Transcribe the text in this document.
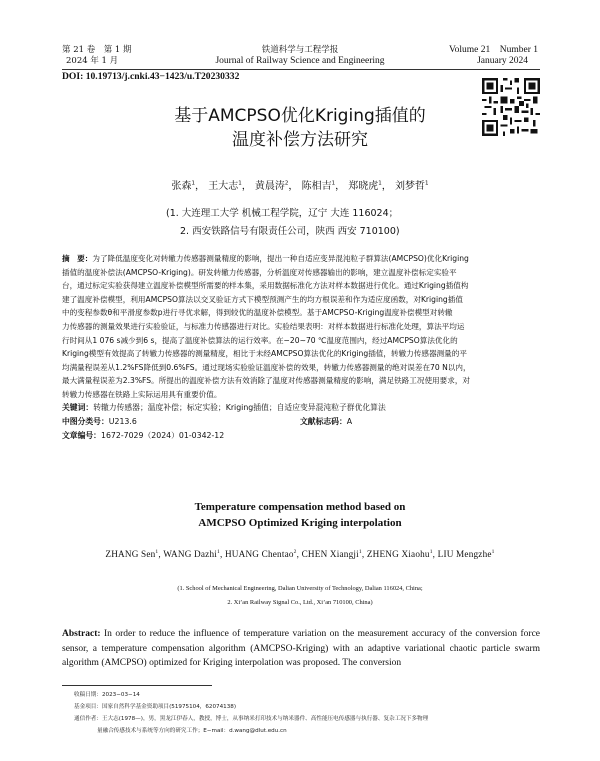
第 21 卷　第 1 期
2024 年 1 月
铁道科学与工程学报
Journal of Railway Science and Engineering
Volume 21　Number 1
January 2024
DOI: 10.19713/j.cnki.43−1423/u.T20230332
基于AMCPSO优化Kriging插值的
温度补偿方法研究
张森$^1$， 王大志$^1$， 黄晨涛$^2$， 陈相吉$^1$， 郑晓虎$^1$， 刘梦哲$^1$
(1. 大连理工大学 机械工程学院，辽宁 大连 116024；
2. 西安铁路信号有限责任公司，陕西 西安 710100)
摘　要：为了降低温度变化对转辙力传感器测量精度的影响，提出一种自适应变异混沌粒子群算法(AMCPSO)优化Kriging
插值的温度补偿法(AMCPSO-Kriging)。研发转辙力传感器，分析温度对传感器输出的影响，建立温度补偿标定实验平
台，通过标定实验获得建立温度补偿模型所需要的样本集，采用数据标准化方法对样本数据进行优化。通过Kriging插值构
建了温度补偿模型，利用AMCPSO算法以交叉验证方式下模型预测产生的均方根误差和作为适应度函数，对Kriging插值
中的变程参数θ和平滑度参数p进行寻优求解，得到较优的温度补偿模型。基于AMCPSO-Kriging温度补偿模型对转辙
力传感器的测量效果进行实验验证，与标准力传感器进行对比。实验结果表明：对样本数据进行标准化处理，算法平均运
行时间从1 076 s减少到6 s，提高了温度补偿算法的运行效率。在−20~70 ℃温度范围内，经过AMCPSO算法优化的
Kriging模型有效提高了转辙力传感器的测量精度，相比于未经AMCPSO算法优化的Kriging插值，转辙力传感器测量的平
均满量程误差从1.2%FS降低到0.6%FS。通过现场实验验证温度补偿的效果，转辙力传感器测量的绝对误差在70 N以内，
最大满量程误差为2.3%FS。所提出的温度补偿方法有效消除了温度对传感器测量精度的影响，满足铁路工况使用要求，对
转辙力传感器在铁路上实际运用具有重要价值。
关键词：转辙力传感器；温度补偿；标定实验；Kriging插值；自适应变异混沌粒子群优化算法
中图分类号：U213.6	文献标志码：A
文章编号：1672-7029（2024）01-0342-12
Temperature compensation method based on
AMCPSO Optimized Kriging interpolation
ZHANG Sen$^1$, WANG Dazhi$^1$, HUANG Chentao$^2$, CHEN Xiangji$^1$, ZHENG Xiaohu$^1$, LIU Mengzhe$^1$
(1. School of Mechanical Engineering, Dalian University of Technology, Dalian 116024, China;
2. Xi’an Railway Signal Co., Ltd., Xi’an 710100, China)
Abstract: In order to reduce the influence of temperature variation on the measurement accuracy of the conversion force sensor, a temperature compensation algorithm (AMCPSO-Kriging) with an adaptive variational chaotic particle swarm algorithm (AMCPSO) optimized for Kriging interpolation was proposed. The conversion
收稿日期：2023−03−14
基金项目：国家自然科学基金资助项目(51975104，62074138)
通信作者：王大志(1978—)，男，黑龙江伊春人，教授，博士，从事纳米打印技术与纳米器件、高性能压电传感器与执行器、复杂工况下多物理
量融合传感技术与系统等方向的研究工作；E−mail：d.wang@dlut.edu.cn
